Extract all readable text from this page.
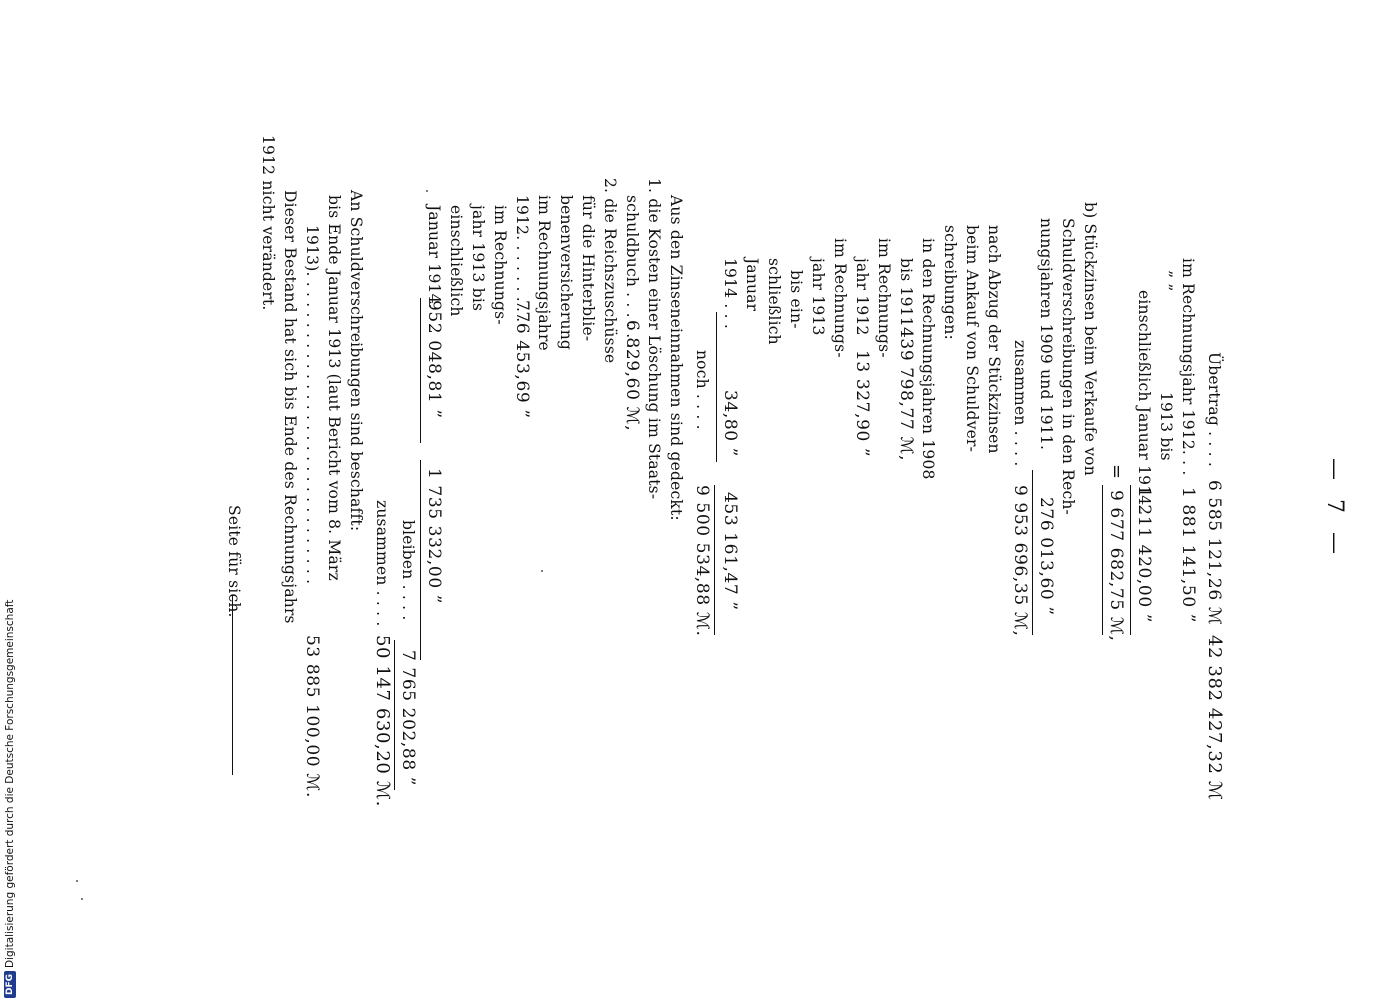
— 7 —
Übertrag . . . .
6 585 121,26 ℳ
42 382 427,32 ℳ
im Rechnungsjahr 1912. . .
1 881 141,50 ”
” ”
1913 bis
einschließlich Januar 1914
1 211 420,00 ”
=
9 677 682,75 ℳ,
b) Stückzinsen beim Verkaufe von
Schuldverschreibungen in den Rech-
nungsjahren 1909 und 1911.
276 013,60 ”
zusammen . . . .
9 953 696,35 ℳ,
nach Abzug der Stückzinsen
beim Ankauf von Schuldver-
schreibungen:
in den Rechnungsjahren 1908
bis 1911
439 798,77 ℳ,
im Rechnungs-
jahr 1912
13 327,90 ”
im Rechnungs-
jahr 1913
bis ein-
schließlich
Januar
1914 . . .
34,80 ”
453 161,47 ”
noch . . . .
9 500 534,88 ℳ.
Aus den Zinseneinnahmen sind gedeckt:
1. die Kosten einer Löschung im Staats-
schuldbuch . . . . . .
6 829,60 ℳ,
2. die Reichszuschüsse
für die Hinterblie-
benenversicherung
im Rechnungsjahre
1912. . . . . . . . .
776 453,69 ”
im Rechnungs-
jahr 1913 bis
einschließlich
Januar 1914.
952 048,81 ”
1 735 332,00 ”
bleiben . . . .
7 765 202,88 ”
zusammen . . . .
50 147 630,20 ℳ.
An Schuldverschreibungen sind beschafft:
bis Ende Januar 1913 (laut Bericht vom 8. März
1913). . . . . . . . . . . . . . . . . . . . . . . . . . . . . . .
53 885 100,00 ℳ.
Dieser Bestand hat sich bis Ende des Rechnungsjahrs
1912 nicht verändert.
Seite für sich.
DFG
Digitalisierung gefördert durch die Deutsche Forschungsgemeinschaft
